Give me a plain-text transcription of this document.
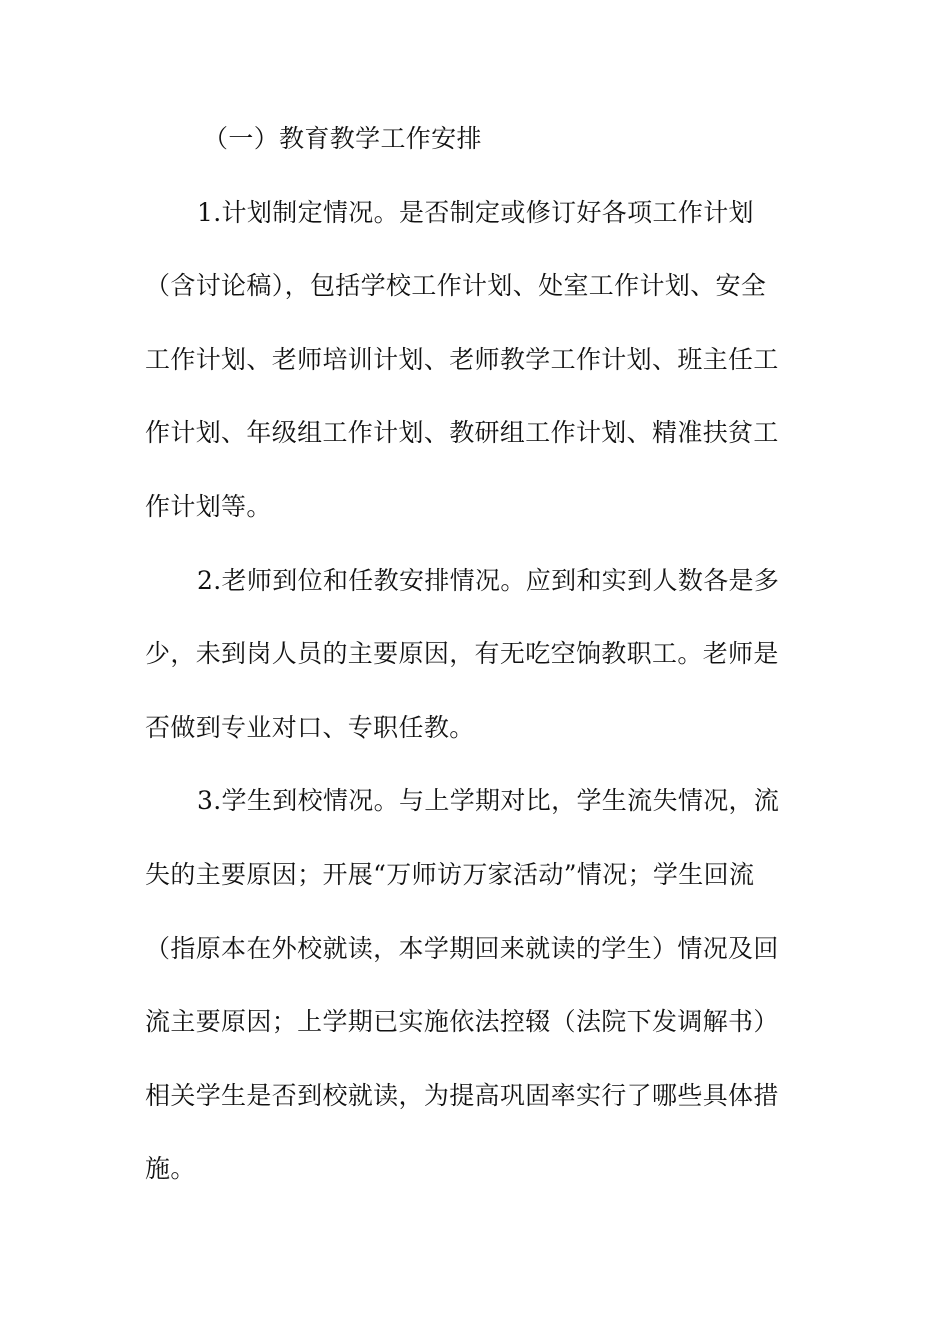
（一）教育教学工作安排
1.计划制定情况。是否制定或修订好各项工作计划
（含讨论稿），包括学校工作计划、处室工作计划、安全
工作计划、老师培训计划、老师教学工作计划、班主任工
作计划、年级组工作计划、教研组工作计划、精准扶贫工
作计划等。
2.老师到位和任教安排情况。应到和实到人数各是多
少，未到岗人员的主要原因，有无吃空饷教职工。老师是
否做到专业对口、专职任教。
3.学生到校情况。与上学期对比，学生流失情况，流
失的主要原因；开展“万师访万家活动”情况；学生回流
（指原本在外校就读，本学期回来就读的学生）情况及回
流主要原因；上学期已实施依法控辍（法院下发调解书）
相关学生是否到校就读，为提高巩固率实行了哪些具体措
施。
